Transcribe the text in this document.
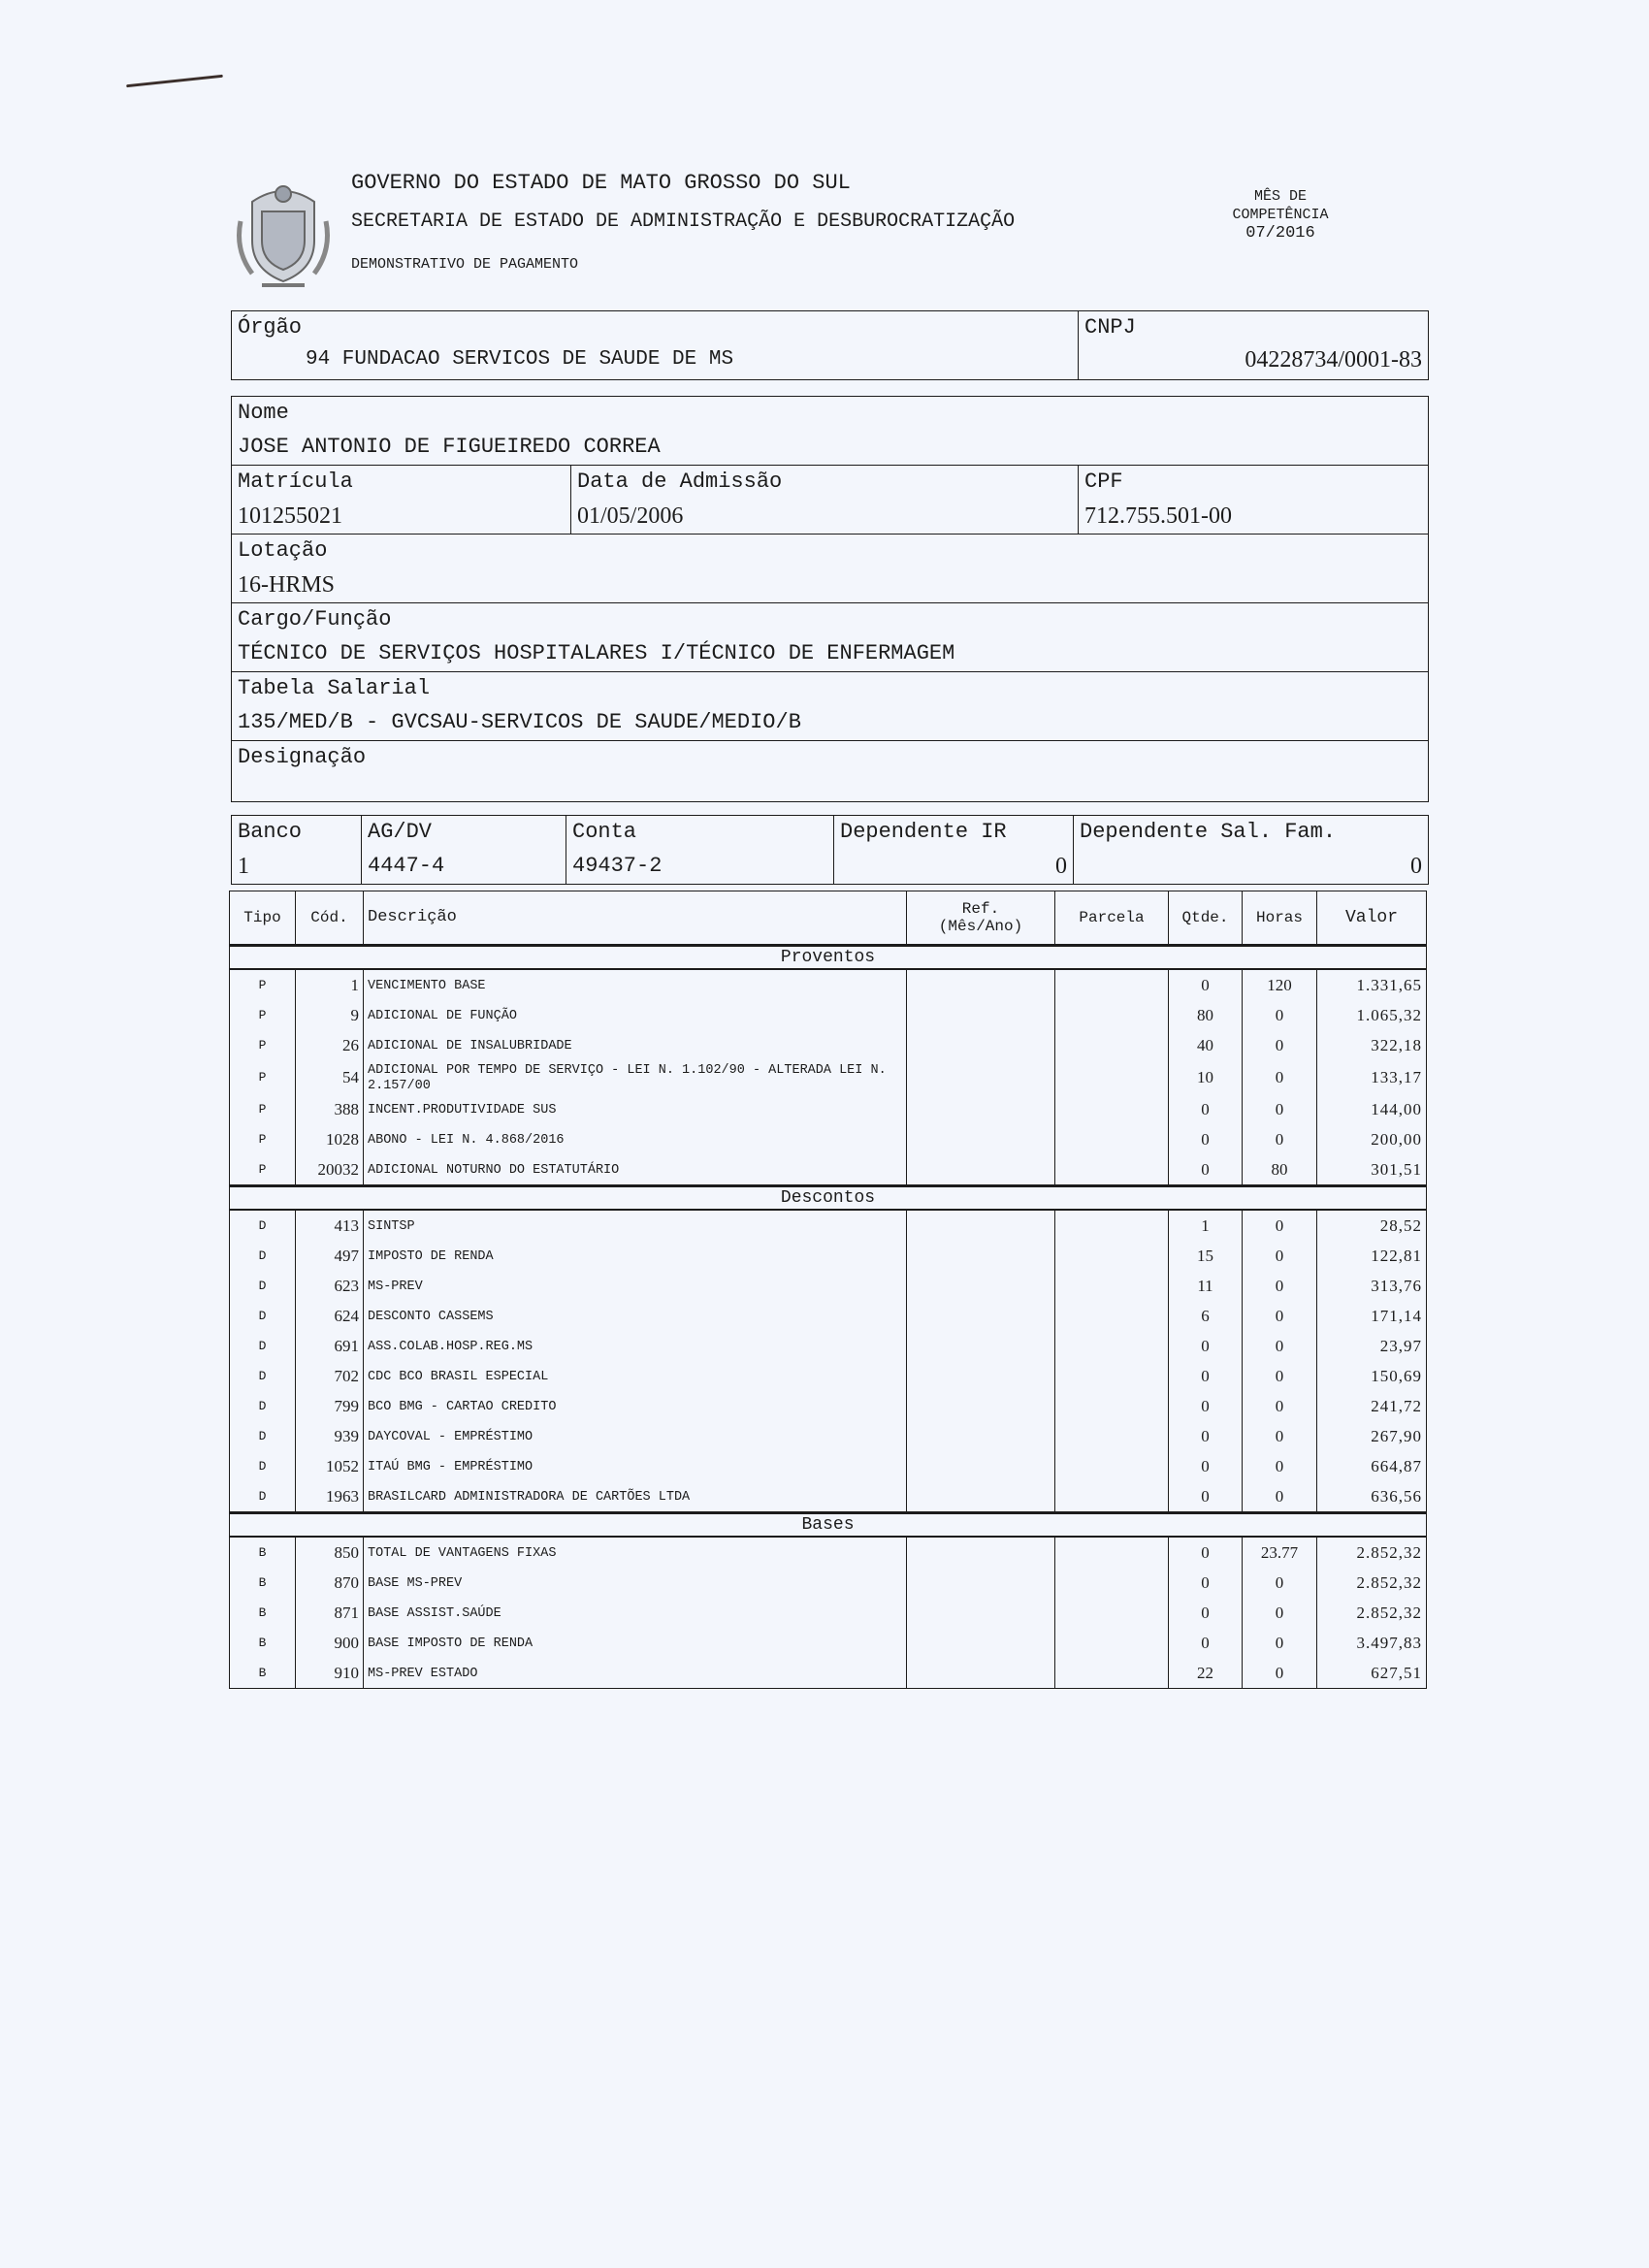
GOVERNO DO ESTADO DE MATO GROSSO DO SUL
SECRETARIA DE ESTADO DE ADMINISTRAÇÃO E DESBUROCRATIZAÇÃO
DEMONSTRATIVO DE PAGAMENTO
MÊS DE
COMPETÊNCIA
07/2016
Órgão
94 FUNDACAO SERVICOS DE SAUDE DE MS

CNPJ
04228734/0001-83
Nome
JOSE ANTONIO DE FIGUEIREDO CORREA

Matrícula
101255021

Data de Admissão
01/05/2006

CPF
712.755.501-00

Lotação
16-HRMS

Cargo/Função
TÉCNICO DE SERVIÇOS HOSPITALARES I/TÉCNICO DE ENFERMAGEM

Tabela Salarial
135/MED/B - GVCSAU-SERVICOS DE SAUDE/MEDIO/B

Designação
Banco
1

AG/DV
4447-4

Conta
49437-2

Dependente IR
0

Dependente Sal. Fam.
0
Tipo	Cód.	Descrição	Ref.
(Mês/Ano)	Parcela	Qtde.	Horas	Valor
Proventos							
P	1	VENCIMENTO BASE			0	120	1.331,65
P	9	ADICIONAL DE FUNÇÃO			80	0	1.065,32
P	26	ADICIONAL DE INSALUBRIDADE			40	0	322,18
P	54	ADICIONAL POR TEMPO DE SERVIÇO - LEI N. 1.102/90 - ALTERADA LEI N. 2.157/00			10	0	133,17
P	388	INCENT.PRODUTIVIDADE SUS			0	0	144,00
P	1028	ABONO - LEI N. 4.868/2016			0	0	200,00
P	20032	ADICIONAL NOTURNO DO ESTATUTÁRIO			0	80	301,51
Descontos							
D	413	SINTSP			1	0	28,52
D	497	IMPOSTO DE RENDA			15	0	122,81
D	623	MS-PREV			11	0	313,76
D	624	DESCONTO CASSEMS			6	0	171,14
D	691	ASS.COLAB.HOSP.REG.MS			0	0	23,97
D	702	CDC BCO BRASIL ESPECIAL			0	0	150,69
D	799	BCO BMG - CARTAO CREDITO			0	0	241,72
D	939	DAYCOVAL - EMPRÉSTIMO			0	0	267,90
D	1052	ITAÚ BMG - EMPRÉSTIMO			0	0	664,87
D	1963	BRASILCARD ADMINISTRADORA DE CARTÕES LTDA			0	0	636,56
Bases							
B	850	TOTAL DE VANTAGENS FIXAS			0	23.77	2.852,32
B	870	BASE MS-PREV			0	0	2.852,32
B	871	BASE ASSIST.SAÚDE			0	0	2.852,32
B	900	BASE IMPOSTO DE RENDA			0	0	3.497,83
B	910	MS-PREV ESTADO			22	0	627,51
